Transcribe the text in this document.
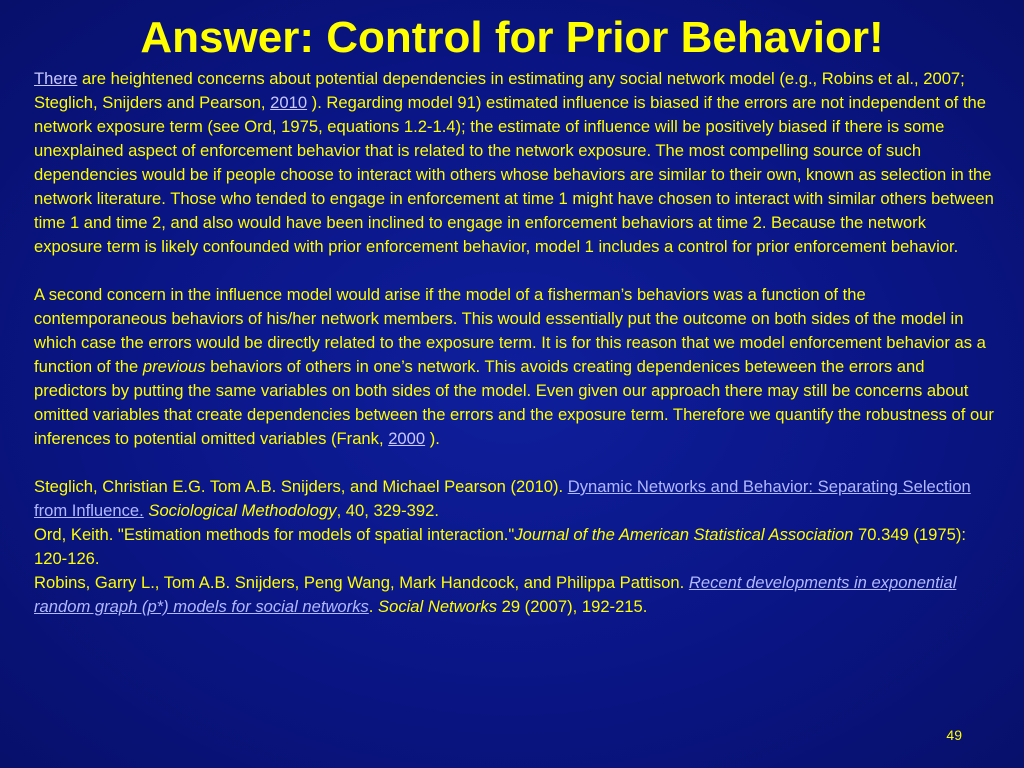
Answer: Control for Prior Behavior!

There are heightened concerns about potential dependencies in estimating any social network model (e.g., Robins et al., 2007; Steglich, Snijders and Pearson, 2010 ). Regarding model 91) estimated influence is biased if the errors are not independent of the network exposure term (see Ord, 1975, equations 1.2-1.4); the estimate of influence will be positively biased if there is some unexplained aspect of enforcement behavior that is related to the network exposure. The most compelling source of such dependencies would be if people choose to interact with others whose behaviors are similar to their own, known as selection in the network literature. Those who tended to engage in enforcement at time 1 might have chosen to interact with similar others between time 1 and time 2, and also would have been inclined to engage in enforcement behaviors at time 2. Because the network exposure term is likely confounded with prior enforcement behavior, model 1 includes a control for prior enforcement behavior.

A second concern in the influence model would arise if the model of a fisherman’s behaviors was a function of the contemporaneous behaviors of his/her network members. This would essentially put the outcome on both sides of the model in which case the errors would be directly related to the exposure term. It is for this reason that we model enforcement behavior as a function of the previous behaviors of others in one’s network. This avoids creating dependenices beteween the errors and predictors by putting the same variables on both sides of the model. Even given our approach there may still be concerns about omitted variables that create dependencies between the errors and the exposure term. Therefore we quantify the robustness of our inferences to potential omitted variables (Frank, 2000 ).

Steglich, Christian E.G. Tom A.B. Snijders, and Michael Pearson (2010). Dynamic Networks and Behavior: Separating Selection from Influence. Sociological Methodology, 40, 329-392.

Ord, Keith. "Estimation methods for models of spatial interaction."Journal of the American Statistical Association 70.349 (1975): 120-126.

Robins, Garry L., Tom A.B. Snijders, Peng Wang, Mark Handcock, and Philippa Pattison. Recent developments in exponential random graph (p*) models for social networks. Social Networks 29 (2007), 192-215.

49
